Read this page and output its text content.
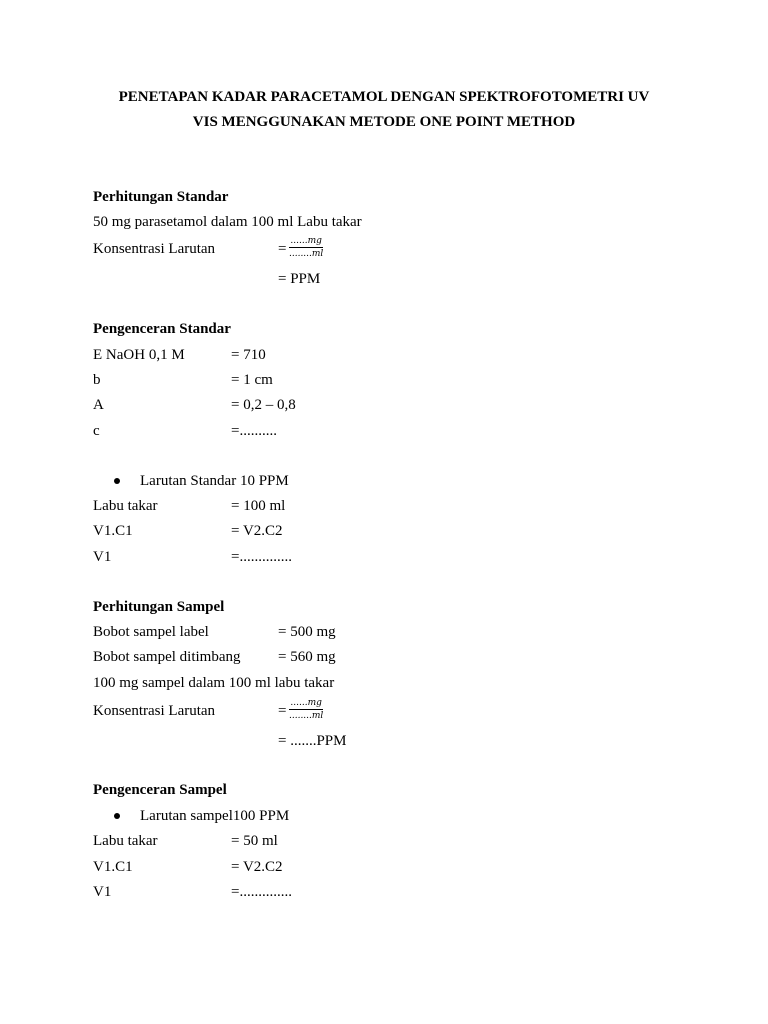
PENETAPAN KADAR PARACETAMOL DENGAN SPEKTROFOTOMETRI UV
VIS MENGGUNAKAN METODE ONE POINT METHOD
Perhitungan Standar
50 mg parasetamol dalam 100 ml Labu takar
Konsentrasi Larutan	= $\frac{......mg}{........ml}$
= PPM
Pengenceran Standar
E NaOH 0,1 M	= 710
b	= 1 cm
A	= 0,2 – 0,8
c	=..........
Larutan Standar 10 PPM
Labu takar	= 100 ml
V1.C1	= V2.C2
V1	=..............
Perhitungan Sampel
Bobot sampel label	= 500 mg
Bobot sampel ditimbang	= 560 mg
100 mg sampel dalam 100 ml labu takar
Konsentrasi Larutan	= $\frac{......mg}{........ml}$
= .......PPM
Pengenceran Sampel
Larutan sampel100 PPM
Labu takar	= 50 ml
V1.C1	= V2.C2
V1	=..............
